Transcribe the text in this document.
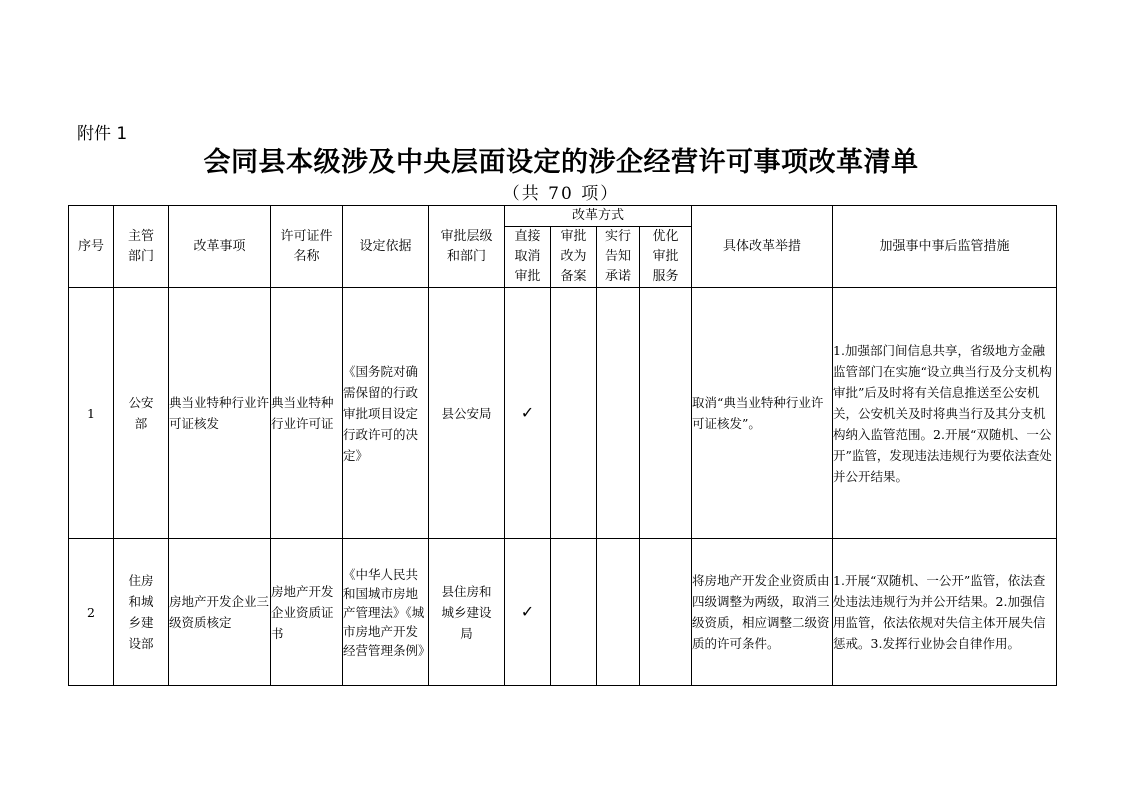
附件 1
会同县本级涉及中央层面设定的涉企经营许可事项改革清单
（共 70 项）
序号	主管部门	改革事项	许可证件名称	设定依据	审批层级和部门	改革方式				具体改革举措	加强事中事后监管措施
						直接取消审批	审批改为备案	实行告知承诺	优化审批服务		
1	公安部	典当业特种行业许可证核发	典当业特种行业许可证	《国务院对确需保留的行政审批项目设定行政许可的决定》	县公安局	✓				取消“典当业特种行业许可证核发”。	1.加强部门间信息共享，省级地方金融监管部门在实施“设立典当行及分支机构审批”后及时将有关信息推送至公安机关，公安机关及时将典当行及其分支机构纳入监管范围。2.开展“双随机、一公开”监管，发现违法违规行为要依法查处并公开结果。
2	住房和城乡建设部	房地产开发企业三级资质核定	房地产开发企业资质证书	《中华人民共和国城市房地产管理法》《城市房地产开发经营管理条例》	县住房和城乡建设局	✓				将房地产开发企业资质由四级调整为两级，取消三级资质，相应调整二级资质的许可条件。	1.开展“双随机、一公开”监管，依法查处违法违规行为并公开结果。2.加强信用监管，依法依规对失信主体开展失信惩戒。3.发挥行业协会自律作用。
